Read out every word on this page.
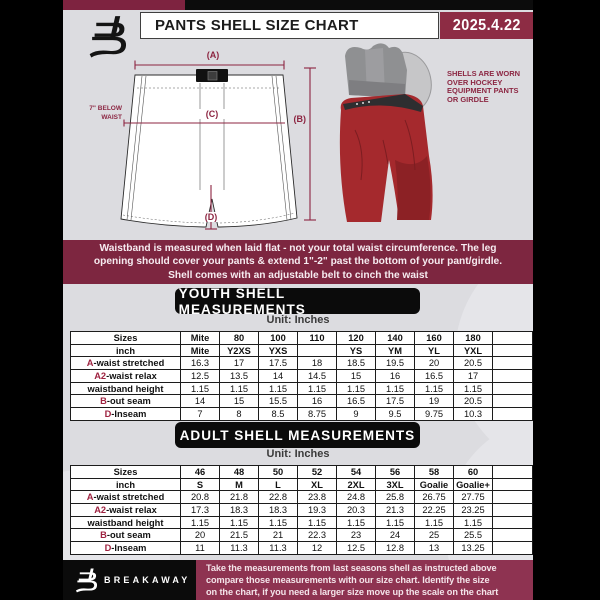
PANTS SHELL SIZE CHART	2025.4.22
(A)
(B)
(C)
(D)
7" BELOW
WAIST
SHELLS ARE WORN
OVER HOCKEY
EQUIPMENT PANTS
OR GIRDLE
Waistband is measured when laid flat - not your total waist circumference. The leg
opening should cover your pants & extend 1"-2" past the bottom of your pant/girdle.
Shell comes with an adjustable belt to cinch the waist
YOUTH SHELL MEASUREMENTS
Unit: Inches
Sizes	Mite	80	100	110	120	140	160	180	
inch	Mite	Y2XS	YXS		YS	YM	YL	YXL	
A-waist stretched	16.3	17	17.5	18	18.5	19.5	20	20.5	
A2-waist relax	12.5	13.5	14	14.5	15	16	16.5	17	
waistband height	1.15	1.15	1.15	1.15	1.15	1.15	1.15	1.15	
B-out seam	14	15	15.5	16	16.5	17.5	19	20.5	
D-Inseam	7	8	8.5	8.75	9	9.5	9.75	10.3	
ADULT SHELL MEASUREMENTS
Unit: Inches
Sizes	46	48	50	52	54	56	58	60	
inch	S	M	L	XL	2XL	3XL	Goalie	Goalie+	
A-waist stretched	20.8	21.8	22.8	23.8	24.8	25.8	26.75	27.75	
A2-waist relax	17.3	18.3	18.3	19.3	20.3	21.3	22.25	23.25	
waistband height	1.15	1.15	1.15	1.15	1.15	1.15	1.15	1.15	
B-out seam	20	21.5	21	22.3	23	24	25	25.5	
D-Inseam	11	11.3	11.3	12	12.5	12.8	13	13.25	
BREAKAWAY
Take the measurements from last seasons shell as instructed above
compare those measurements with our size chart. Identify the size
on the chart, if you need a larger size move up the scale on the chart
